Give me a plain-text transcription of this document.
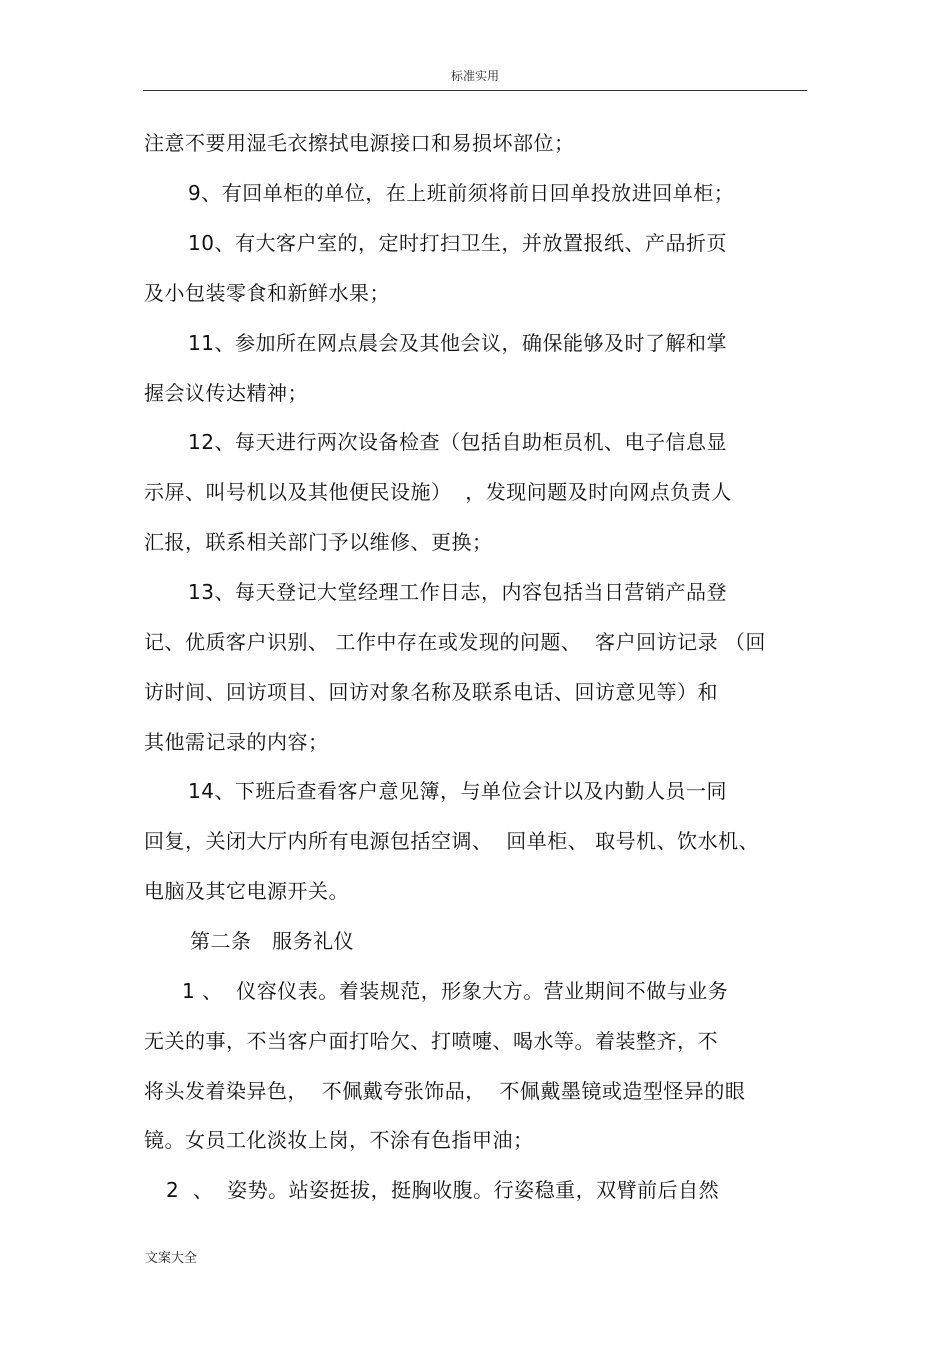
标准实用
注意不要用湿毛衣擦拭电源接口和易损坏部位；
9、有回单柜的单位，在上班前须将前日回单投放进回单柜；
10、有大客户室的，定时打扫卫生，并放置报纸、产品折页
及小包装零食和新鲜水果；
11、参加所在网点晨会及其他会议，确保能够及时了解和掌
握会议传达精神；
12、每天进行两次设备检查（包括自助柜员机、电子信息显
示屏、叫号机以及其他便民设施）  ，发现问题及时向网点负责人
汇报，联系相关部门予以维修、更换；
13、每天登记大堂经理工作日志，内容包括当日营销产品登
记、优质客户识别、 工作中存在或发现的问题、  客户回访记录 （回
访时间、回访项目、回访对象名称及联系电话、回访意见等）和
其他需记录的内容；
14、下班后查看客户意见簿，与单位会计以及内勤人员一同
回复，关闭大厅内所有电源包括空调、  回单柜、 取号机、饮水机、
电脑及其它电源开关。
第二条   服务礼仪
1 、  仪容仪表。着装规范，形象大方。营业期间不做与业务
无关的事，不当客户面打哈欠、打喷嚏、喝水等。着装整齐，不
将头发着染异色，  不佩戴夸张饰品，  不佩戴墨镜或造型怪异的眼
镜。女员工化淡妆上岗，不涂有色指甲油；
2  、  姿势。站姿挺拔，挺胸收腹。行姿稳重，双臂前后自然
文案大全
